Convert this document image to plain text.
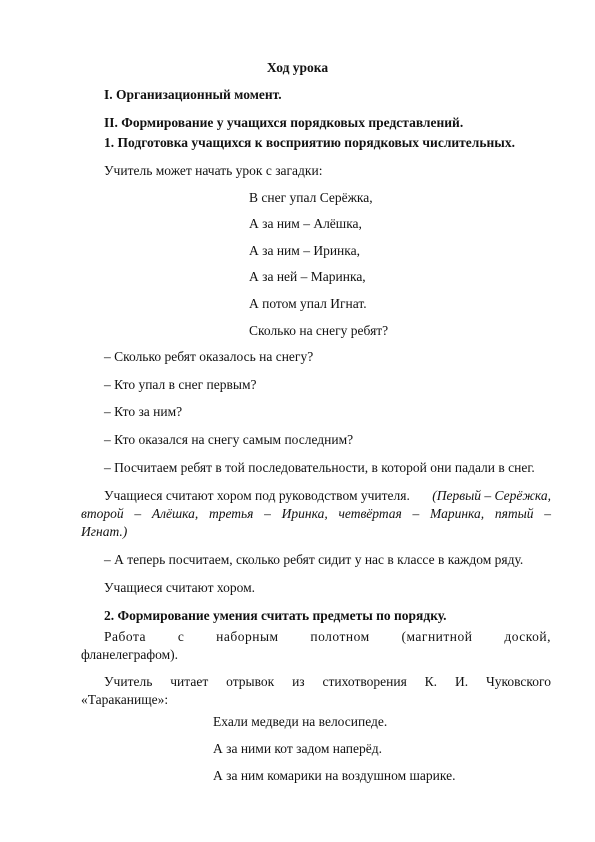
Ход урока
I. Организационный момент.
II. Формирование у учащихся порядковых представлений.
1. Подготовка учащихся к восприятию порядковых числительных.
Учитель может начать урок с загадки:
В снег упал Серёжка,
А за ним – Алёшка,
А за ним – Иринка,
А за ней – Маринка,
А потом упал Игнат.
Сколько на снегу ребят?
– Сколько ребят оказалось на снегу?
– Кто упал в снег первым?
– Кто за ним?
– Кто оказался на снегу самым последним?
– Посчитаем ребят в той последовательности, в которой они падали в снег.
Учащиеся считают хором под руководством учителя. (Первый – Серёжка,
второй – Алёшка, третья – Иринка, четвёртая – Маринка, пятый –
Игнат.)
– А теперь посчитаем, сколько ребят сидит у нас в классе в каждом ряду.
Учащиеся считают хором.
2. Формирование умения считать предметы по порядку.
Работа с наборным полотном (магнитной доской,
фланелеграфом).
Учитель читает отрывок из стихотворения К. И. Чуковского
«Тараканище»:
Ехали медведи на велосипеде.
А за ними кот задом наперёд.
А за ним комарики на воздушном шарике.
